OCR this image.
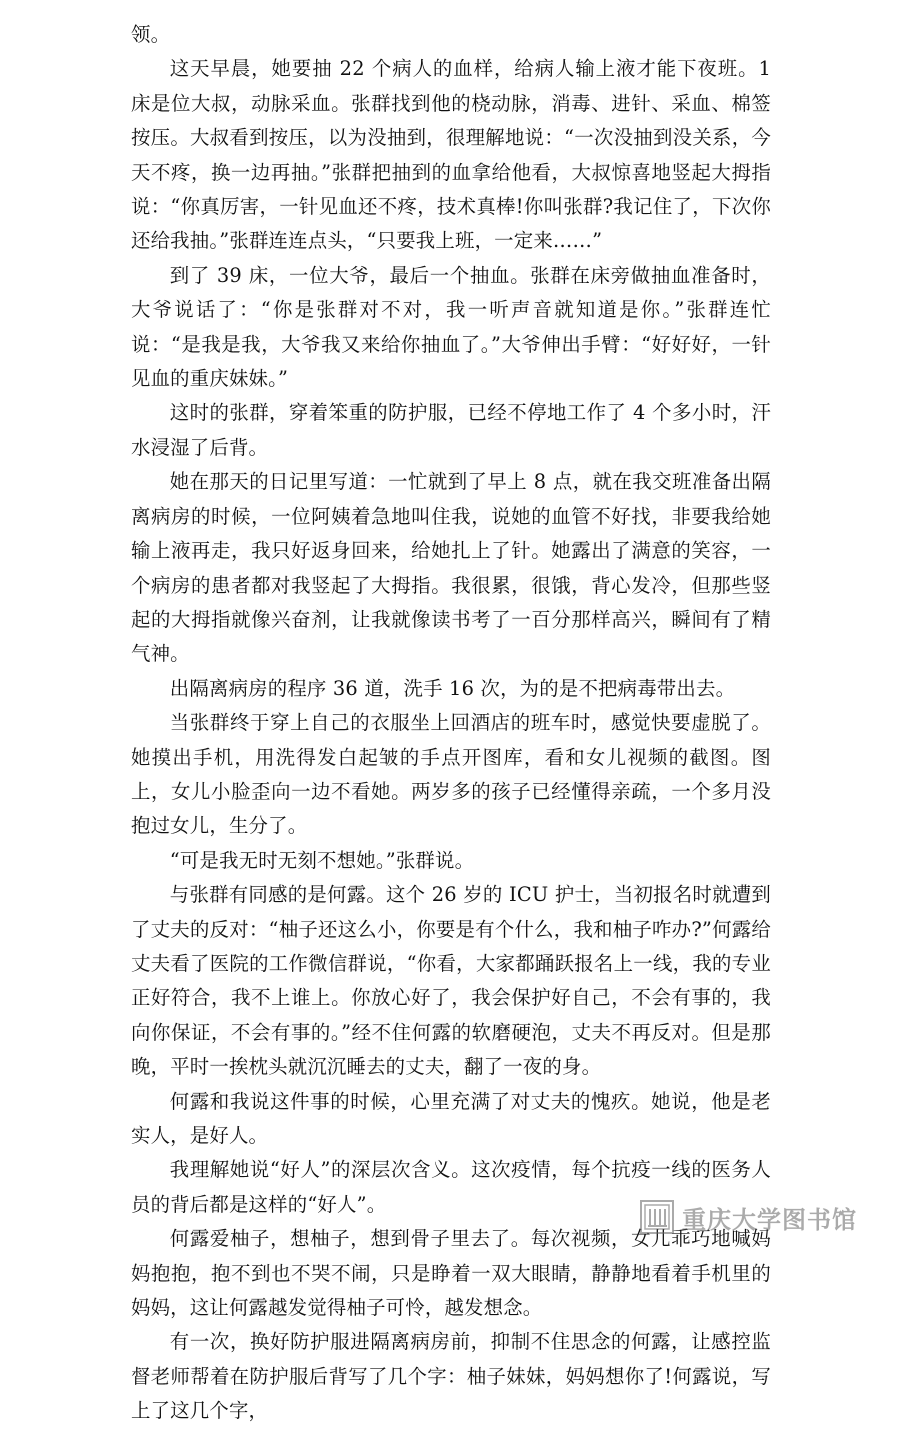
领。

这天早晨，她要抽 22 个病人的血样，给病人输上液才能下夜班。1 床是位大叔，动脉采血。张群找到他的桡动脉，消毒、进针、采血、棉签按压。大叔看到按压，以为没抽到，很理解地说：“一次没抽到没关系，今天不疼，换一边再抽。”张群把抽到的血拿给他看，大叔惊喜地竖起大拇指说：“你真厉害，一针见血还不疼，技术真棒!你叫张群?我记住了，下次你还给我抽。”张群连连点头，“只要我上班，一定来……”

到了 39 床，一位大爷，最后一个抽血。张群在床旁做抽血准备时，大爷说话了：“你是张群对不对，我一听声音就知道是你。”张群连忙说：“是我是我，大爷我又来给你抽血了。”大爷伸出手臂：“好好好，一针见血的重庆妹妹。”

这时的张群，穿着笨重的防护服，已经不停地工作了 4 个多小时，汗水浸湿了后背。

她在那天的日记里写道：一忙就到了早上 8 点，就在我交班准备出隔离病房的时候，一位阿姨着急地叫住我，说她的血管不好找，非要我给她输上液再走，我只好返身回来，给她扎上了针。她露出了满意的笑容，一个病房的患者都对我竖起了大拇指。我很累，很饿，背心发冷，但那些竖起的大拇指就像兴奋剂，让我就像读书考了一百分那样高兴，瞬间有了精气神。

出隔离病房的程序 36 道，洗手 16 次，为的是不把病毒带出去。

当张群终于穿上自己的衣服坐上回酒店的班车时，感觉快要虚脱了。她摸出手机，用洗得发白起皱的手点开图库，看和女儿视频的截图。图上，女儿小脸歪向一边不看她。两岁多的孩子已经懂得亲疏，一个多月没抱过女儿，生分了。

“可是我无时无刻不想她。”张群说。

与张群有同感的是何露。这个 26 岁的 ICU 护士，当初报名时就遭到了丈夫的反对：“柚子还这么小，你要是有个什么，我和柚子咋办?”何露给丈夫看了医院的工作微信群说，“你看，大家都踊跃报名上一线，我的专业正好符合，我不上谁上。你放心好了，我会保护好自己，不会有事的，我向你保证，不会有事的。”经不住何露的软磨硬泡，丈夫不再反对。但是那晚，平时一挨枕头就沉沉睡去的丈夫，翻了一夜的身。

何露和我说这件事的时候，心里充满了对丈夫的愧疚。她说，他是老实人，是好人。

我理解她说“好人”的深层次含义。这次疫情，每个抗疫一线的医务人员的背后都是这样的“好人”。

何露爱柚子，想柚子，想到骨子里去了。每次视频，女儿乖巧地喊妈妈抱抱，抱不到也不哭不闹，只是睁着一双大眼睛，静静地看着手机里的妈妈，这让何露越发觉得柚子可怜，越发想念。

有一次，换好防护服进隔离病房前，抑制不住思念的何露，让感控监督老师帮着在防护服后背写了几个字：柚子妹妹，妈妈想你了!何露说，写上了这几个字，

重庆大学图书馆
